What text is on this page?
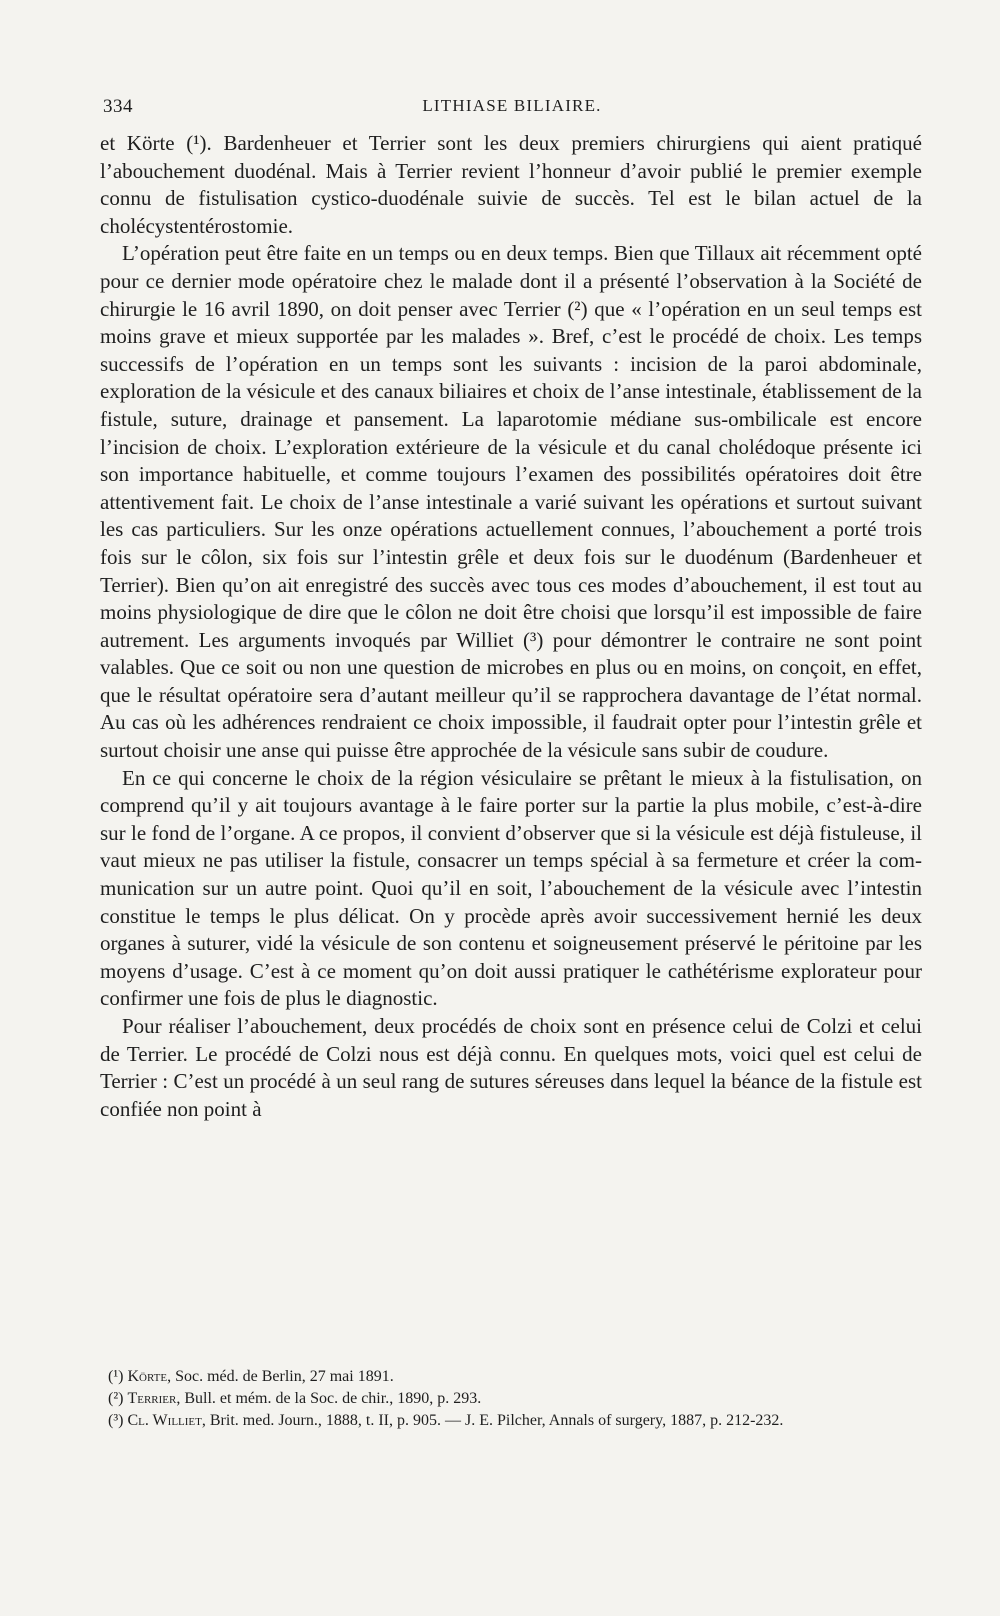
334	LITHIASE BILIAIRE.

et Körte (¹). Bardenheuer et Terrier sont les deux premiers chirurgiens qui aient pratiqué l’abouchement duodénal. Mais à Terrier revient l’honneur d’avoir publié le premier exemple connu de fistulisation cystico-duodénale suivie de succès. Tel est le bilan actuel de la cholécystentérostomie.

L’opération peut être faite en un temps ou en deux temps. Bien que Tillaux ait récemment opté pour ce dernier mode opératoire chez le malade dont il a présenté l’observation à la Société de chirurgie le 16 avril 1890, on doit penser avec Terrier (²) que « l’opération en un seul temps est moins grave et mieux supportée par les malades ». Bref, c’est le procédé de choix. Les temps successifs de l’opération en un temps sont les suivants : incision de la paroi abdominale, exploration de la vésicule et des canaux biliaires et choix de l’anse intestinale, établissement de la fistule, suture, drainage et pansement. La laparotomie médiane sus-ombilicale est encore l’incision de choix. L’exploration extérieure de la vésicule et du canal cholédoque présente ici son importance habituelle, et comme toujours l’examen des possibilités opératoires doit être attentivement fait. Le choix de l’anse intestinale a varié suivant les opérations et surtout suivant les cas particuliers. Sur les onze opérations actuellement connues, l’abouchement a porté trois fois sur le côlon, six fois sur l’intestin grêle et deux fois sur le duodénum (Bardenheuer et Terrier). Bien qu’on ait enregistré des succès avec tous ces modes d’abouchement, il est tout au moins physiologique de dire que le côlon ne doit être choisi que lorsqu’il est impossible de faire autrement. Les arguments invoqués par Williet (³) pour démontrer le contraire ne sont point valables. Que ce soit ou non une question de microbes en plus ou en moins, on conçoit, en effet, que le résultat opératoire sera d’autant meilleur qu’il se rapprochera davantage de l’état normal. Au cas où les adhérences rendraient ce choix impossible, il faudrait opter pour l’intestin grêle et surtout choisir une anse qui puisse être approchée de la vésicule sans subir de coudure.

En ce qui concerne le choix de la région vésiculaire se prêtant le mieux à la fistulisation, on comprend qu’il y ait toujours avantage à le faire porter sur la partie la plus mobile, c’est-à-dire sur le fond de l’organe. A ce propos, il convient d’observer que si la vésicule est déjà fistuleuse, il vaut mieux ne pas utiliser la fistule, consacrer un temps spécial à sa fermeture et créer la communication sur un autre point. Quoi qu’il en soit, l’abouchement de la vésicule avec l’intestin constitue le temps le plus délicat. On y procède après avoir successivement hernié les deux organes à suturer, vidé la vésicule de son contenu et soigneusement préservé le péritoine par les moyens d’usage. C’est à ce moment qu’on doit aussi pratiquer le cathétérisme explorateur pour confirmer une fois de plus le diagnostic.

Pour réaliser l’abouchement, deux procédés de choix sont en présence celui de Colzi et celui de Terrier. Le procédé de Colzi nous est déjà connu. En quelques mots, voici quel est celui de Terrier : C’est un procédé à un seul rang de sutures séreuses dans lequel la béance de la fistule est confiée non point à

(¹) Körte, Soc. méd. de Berlin, 27 mai 1891.

(²) Terrier, Bull. et mém. de la Soc. de chir., 1890, p. 293.

(³) Cl. Williet, Brit. med. Journ., 1888, t. II, p. 905. — J. E. Pilcher, Annals of surgery, 1887, p. 212-232.
